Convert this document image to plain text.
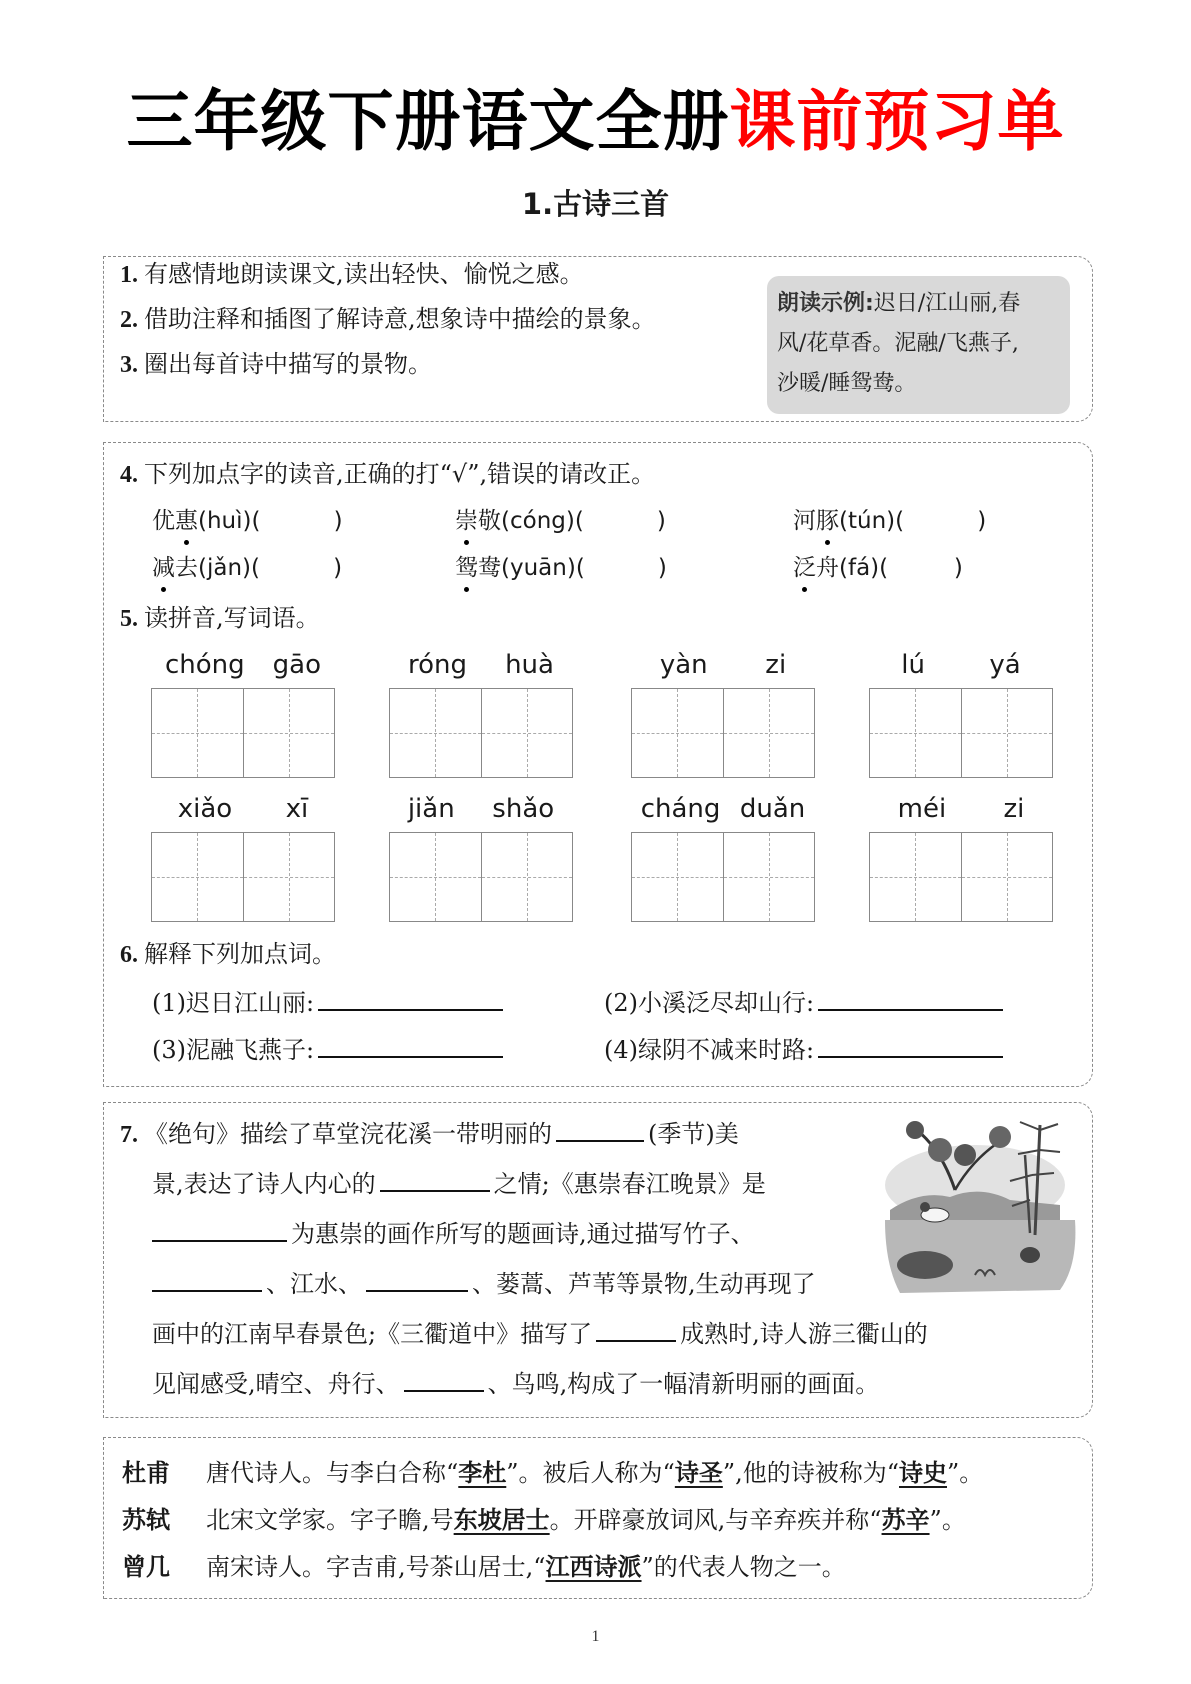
三年级下册语文全册课前预习单
1.古诗三首
1. 有感情地朗读课文,读出轻快、愉悦之感。
2. 借助注释和插图了解诗意,想象诗中描绘的景象。
3. 圈出每首诗中描写的景物。
朗读示例:迟日/江山丽,春
风/花草香。泥融/飞燕子,
沙暖/睡鸳鸯。
4. 下列加点字的读音,正确的打“√”,错误的请改正。
优惠(huì)(          )	崇敬(cóng)(          )	河豚(tún)(          )
减去(jǎn)(          )	鸳鸯(yuān)(          )	泛舟(fá)(         )
5. 读拼音,写词语。
chóng gāo	róng huà	yàn zi	lú yá
xiǎo xī	jiǎn shǎo	cháng duǎn	méi zi
6. 解释下列加点词。
(1)迟日江山丽:	(2)小溪泛尽却山行:
(3)泥融飞燕子:	(4)绿阴不减来时路:
7. 《绝句》描绘了草堂浣花溪一带明丽的	(季节)美
景,表达了诗人内心的	之情;《惠崇春江晚景》是
为惠崇的画作所写的题画诗,通过描写竹子、
、江水、	、蒌蒿、芦苇等景物,生动再现了
画中的江南早春景色;《三衢道中》描写了	成熟时,诗人游三衢山的
见闻感受,晴空、舟行、	、鸟鸣,构成了一幅清新明丽的画面。
杜甫 唐代诗人。与李白合称“李杜”。被后人称为“诗圣”,他的诗被称为“诗史”。
苏轼 北宋文学家。字子瞻,号东坡居士。开辟豪放词风,与辛弃疾并称“苏辛”。
曾几 南宋诗人。字吉甫,号茶山居士,“江西诗派”的代表人物之一。
1
